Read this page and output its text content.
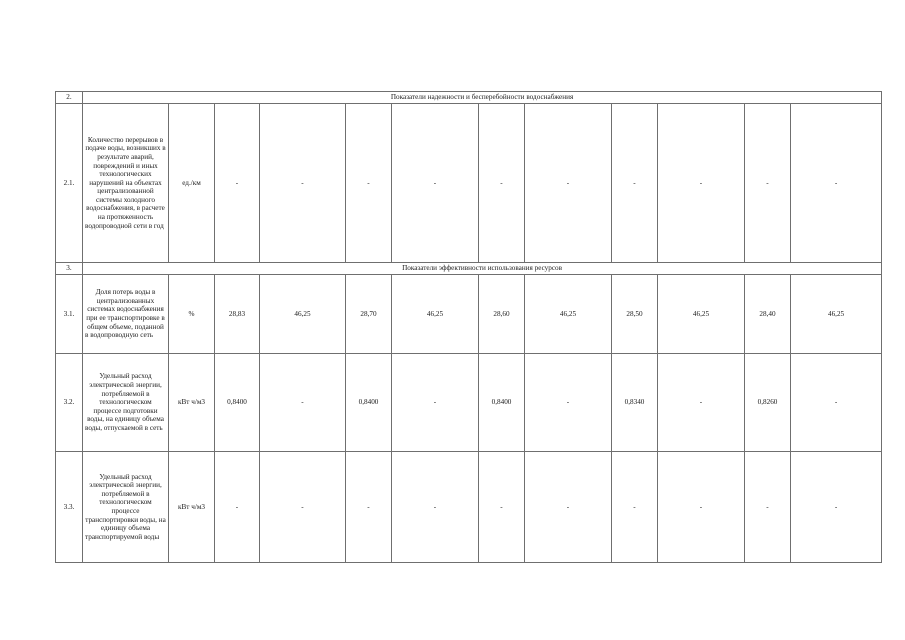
2.	Показатели надежности и бесперебойности водоснабжения											
2.1.	Количество перерывов в подаче воды, возникших в результате аварий, повреждений и иных технологических нарушений на объектах централизованной системы холодного водоснабжения, в расчете на протяженность водопроводной сети в год	ед./км	-	-	-	-	-	-	-	-	-	-
3.	Показатели эффективности использования ресурсов											
3.1.	Доля потерь воды в централизованных системах водоснабжения при ее транспортировке в общем объеме, поданной в водопроводную сеть	%	28,83	46,25	28,70	46,25	28,60	46,25	28,50	46,25	28,40	46,25
3.2.	Удельный расход электрической энергии, потребляемой в технологическом процессе подготовки воды, на единицу объема воды, отпускаемой в сеть	кВт ч/м3	0,8400	-	0,8400	-	0,8400	-	0,8340	-	0,8260	-
3.3.	Удельный расход электрической энергии, потребляемой в технологическом процессе транспортировки воды, на единицу объема транспортируемой воды	кВт ч/м3	-	-	-	-	-	-	-	-	-	-
